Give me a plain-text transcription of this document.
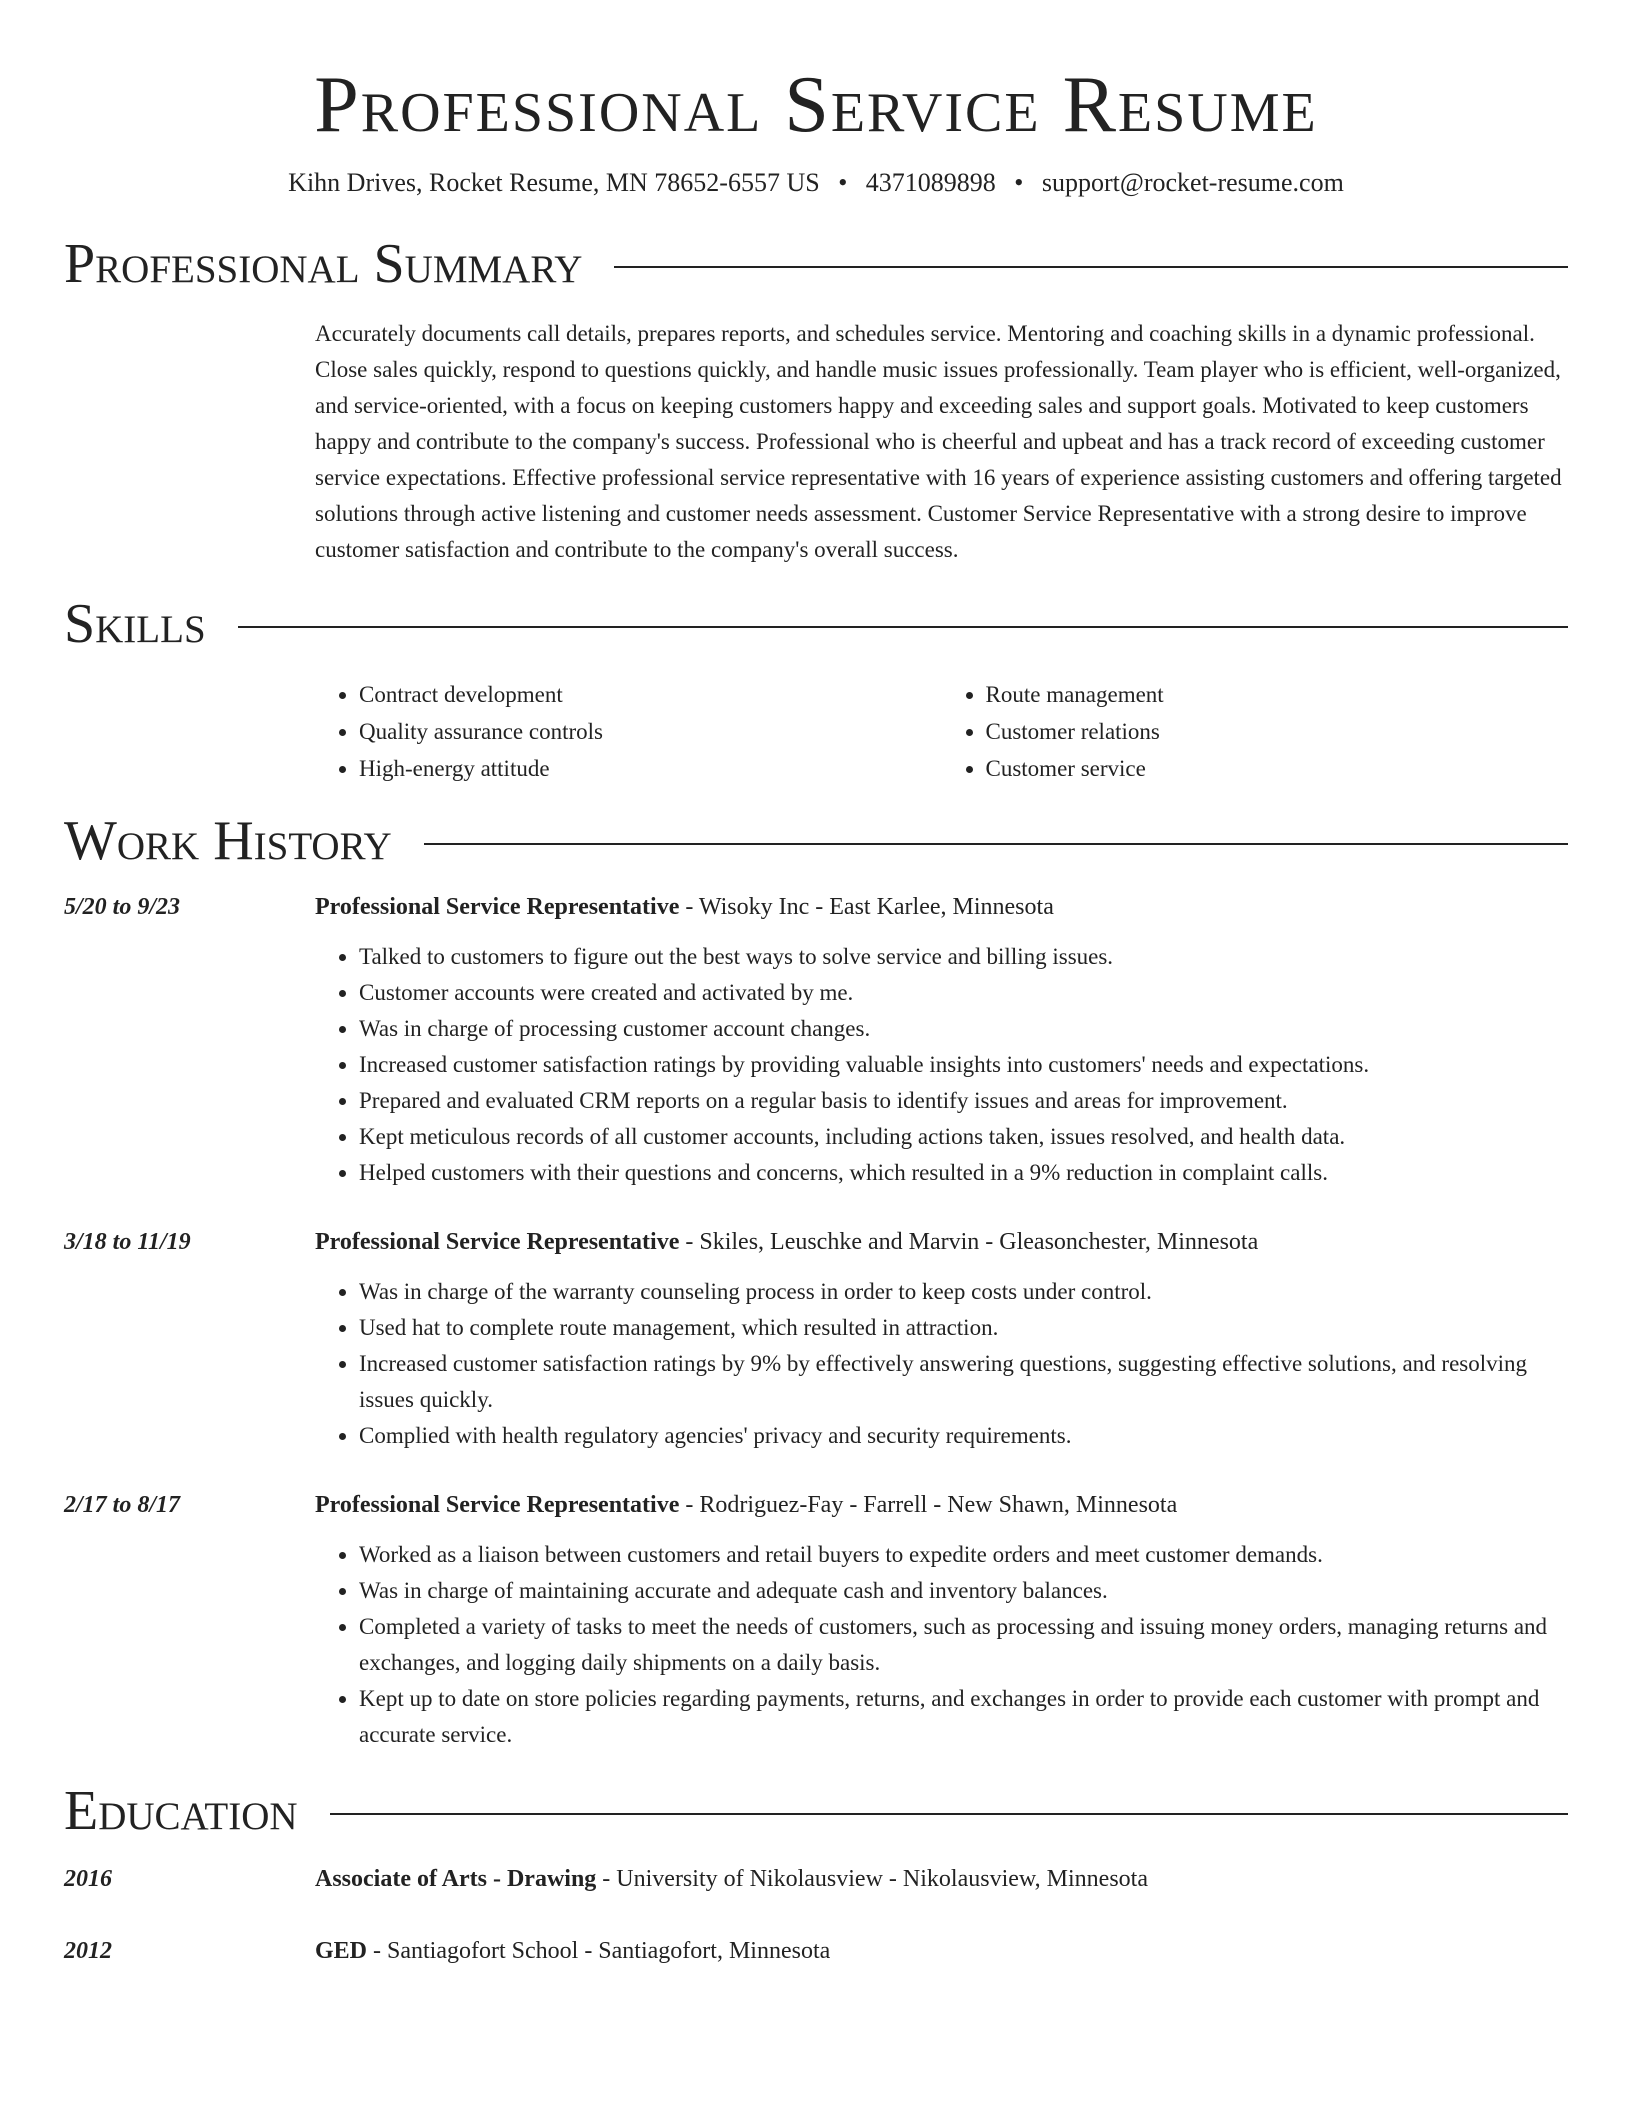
Professional Service Resume
Kihn Drives, Rocket Resume, MN 78652-6557 US • 4371089898 • support@rocket-resume.com
Professional Summary

Accurately documents call details, prepares reports, and schedules service. Mentoring and coaching skills in a dynamic professional. Close sales quickly, respond to questions quickly, and handle music issues professionally. Team player who is efficient, well-organized, and service-oriented, with a focus on keeping customers happy and exceeding sales and support goals. Motivated to keep customers happy and contribute to the company's success. Professional who is cheerful and upbeat and has a track record of exceeding customer service expectations. Effective professional service representative with 16 years of experience assisting customers and offering targeted solutions through active listening and customer needs assessment. Customer Service Representative with a strong desire to improve customer satisfaction and contribute to the company's overall success.

Skills
• Contract development
• Quality assurance controls
• High-energy attitude
• Route management
• Customer relations
• Customer service
Work History
5/20 to 9/23	Professional Service Representative - Wisoky Inc - East Karlee, Minnesota
• Talked to customers to figure out the best ways to solve service and billing issues.
• Customer accounts were created and activated by me.
• Was in charge of processing customer account changes.
• Increased customer satisfaction ratings by providing valuable insights into customers' needs and expectations.
• Prepared and evaluated CRM reports on a regular basis to identify issues and areas for improvement.
• Kept meticulous records of all customer accounts, including actions taken, issues resolved, and health data.
• Helped customers with their questions and concerns, which resulted in a 9% reduction in complaint calls.
3/18 to 11/19	Professional Service Representative - Skiles, Leuschke and Marvin - Gleasonchester, Minnesota
• Was in charge of the warranty counseling process in order to keep costs under control.
• Used hat to complete route management, which resulted in attraction.
• Increased customer satisfaction ratings by 9% by effectively answering questions, suggesting effective solutions, and resolving issues quickly.
• Complied with health regulatory agencies' privacy and security requirements.
2/17 to 8/17	Professional Service Representative - Rodriguez-Fay - Farrell - New Shawn, Minnesota
• Worked as a liaison between customers and retail buyers to expedite orders and meet customer demands.
• Was in charge of maintaining accurate and adequate cash and inventory balances.
• Completed a variety of tasks to meet the needs of customers, such as processing and issuing money orders, managing returns and exchanges, and logging daily shipments on a daily basis.
• Kept up to date on store policies regarding payments, returns, and exchanges in order to provide each customer with prompt and accurate service.
Education
2016	Associate of Arts - Drawing - University of Nikolausview - Nikolausview, Minnesota
2012	GED - Santiagofort School - Santiagofort, Minnesota
